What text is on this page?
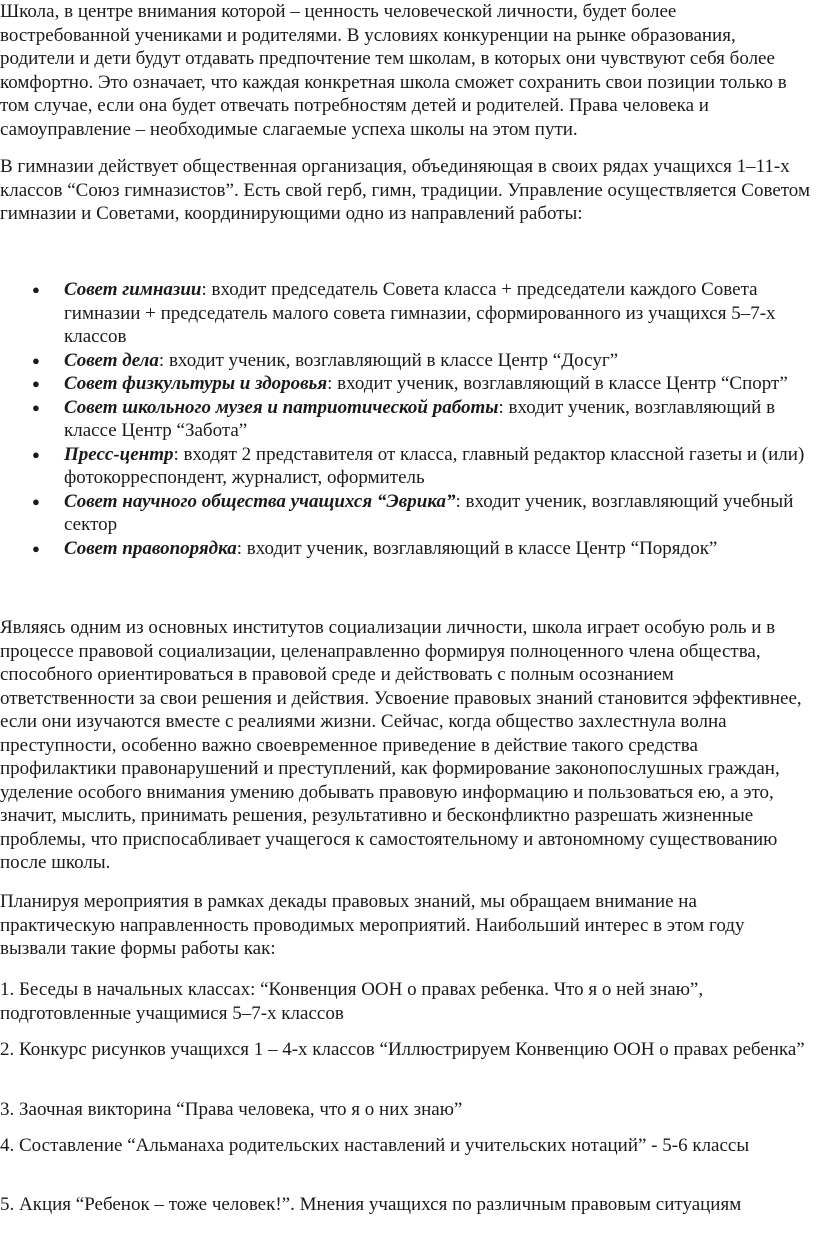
Школа, в центре внимания которой – ценность человеческой личности, будет более востребованной учениками и родителями. В условиях конкуренции на рынке образования, родители и дети будут отдавать предпочтение тем школам, в которых они чувствуют себя более комфортно. Это означает, что каждая конкретная школа сможет сохранить свои позиции только в том случае, если она будет отвечать потребностям детей и родителей. Права человека и самоуправление – необходимые слагаемые успеха школы на этом пути.

В гимназии действует общественная организация, объединяющая в своих рядах учащихся 1–11-х классов “Союз гимназистов”. Есть свой герб, гимн, традиции. Управление осуществляется Советом гимназии и Советами, координирующими одно из направлений работы:

● Совет гимназии: входит председатель Совета класса + председатели каждого Совета гимназии + председатель малого совета гимназии, сформированного из учащихся 5–7-х классов
● Совет дела: входит ученик, возглавляющий в классе Центр “Досуг”
● Совет физкультуры и здоровья: входит ученик, возглавляющий в классе Центр “Спорт”
● Совет школьного музея и патриотической работы: входит ученик, возглавляющий в классе Центр “Забота”
● Пресс-центр: входят 2 представителя от класса, главный редактор классной газеты и (или) фотокорреспондент, журналист, оформитель
● Совет научного общества учащихся “Эврика”: входит ученик, возглавляющий учебный сектор
● Совет правопорядка: входит ученик, возглавляющий в классе Центр “Порядок”

Являясь одним из основных институтов социализации личности, школа играет особую роль и в процессе правовой социализации, целенаправленно формируя полноценного члена общества, способного ориентироваться в правовой среде и действовать с полным осознанием ответственности за свои решения и действия. Усвоение правовых знаний становится эффективнее, если они изучаются вместе с реалиями жизни. Сейчас, когда общество захлестнула волна преступности, особенно важно своевременное приведение в действие такого средства профилактики правонарушений и преступлений, как формирование законопослушных граждан, уделение особого внимания умению добывать правовую информацию и пользоваться ею, а это, значит, мыслить, принимать решения, результативно и бесконфликтно разрешать жизненные проблемы, что приспосабливает учащегося к самостоятельному и автономному существованию после школы.

Планируя мероприятия в рамках декады правовых знаний, мы обращаем внимание на практическую направленность проводимых мероприятий. Наибольший интерес в этом году вызвали такие формы работы как:

1. Беседы в начальных классах: “Конвенция ООН о правах ребенка. Что я о ней знаю”, подготовленные учащимися 5–7-х классов

2. Конкурс рисунков учащихся 1 – 4-х классов “Иллюстрируем Конвенцию ООН о правах ребенка”

3. Заочная викторина “Права человека, что я о них знаю”

4. Составление “Альманаха родительских наставлений и учительских нотаций” - 5-6 классы

5. Акция “Ребенок – тоже человек!”. Мнения учащихся по различным правовым ситуациям
